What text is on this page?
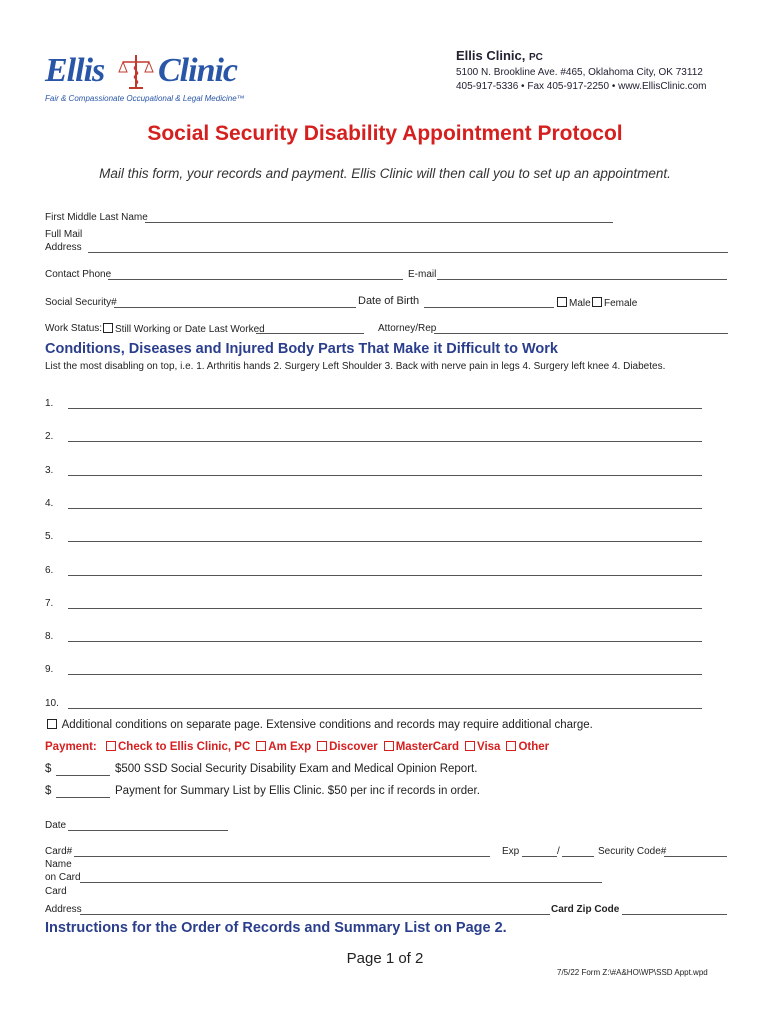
Ellis Clinic
Fair & Compassionate Occupational & Legal Medicine™
Ellis Clinic, PC
5100 N. Brookline Ave. #465, Oklahoma City, OK 73112
405-917-5336 • Fax 405-917-2250 • www.EllisClinic.com
Social Security Disability Appointment Protocol
Mail this form, your records and payment. Ellis Clinic will then call you to set up an appointment.
First Middle Last Name
Full Mail
Address
Contact Phone	E-mail
Social Security#	Date of Birth	Male	Female
Work Status:	Still Working or Date Last Worked	Attorney/Rep
Conditions, Diseases and Injured Body Parts That Make it Difficult to Work
List the most disabling on top, i.e. 1. Arthritis hands 2. Surgery Left Shoulder 3. Back with nerve pain in legs 4. Surgery left knee 4. Diabetes.
1.
2.
3.
4.
5.
6.
7.
8.
9.
10.
Additional conditions on separate page. Extensive conditions and records may require additional charge.
Payment: Check to Ellis Clinic, PC Am Exp Discover MasterCard Visa Other
$	$500 SSD Social Security Disability Exam and Medical Opinion Report.
$	Payment for Summary List by Ellis Clinic. $50 per inc if records in order.
Date
Card#	Exp	/	Security Code#
Name
on Card
Card
Address	Card Zip Code
Instructions for the Order of Records and Summary List on Page 2.
Page 1 of 2
7/5/22 Form Z:\#A&HO\WP\SSD Appt.wpd
